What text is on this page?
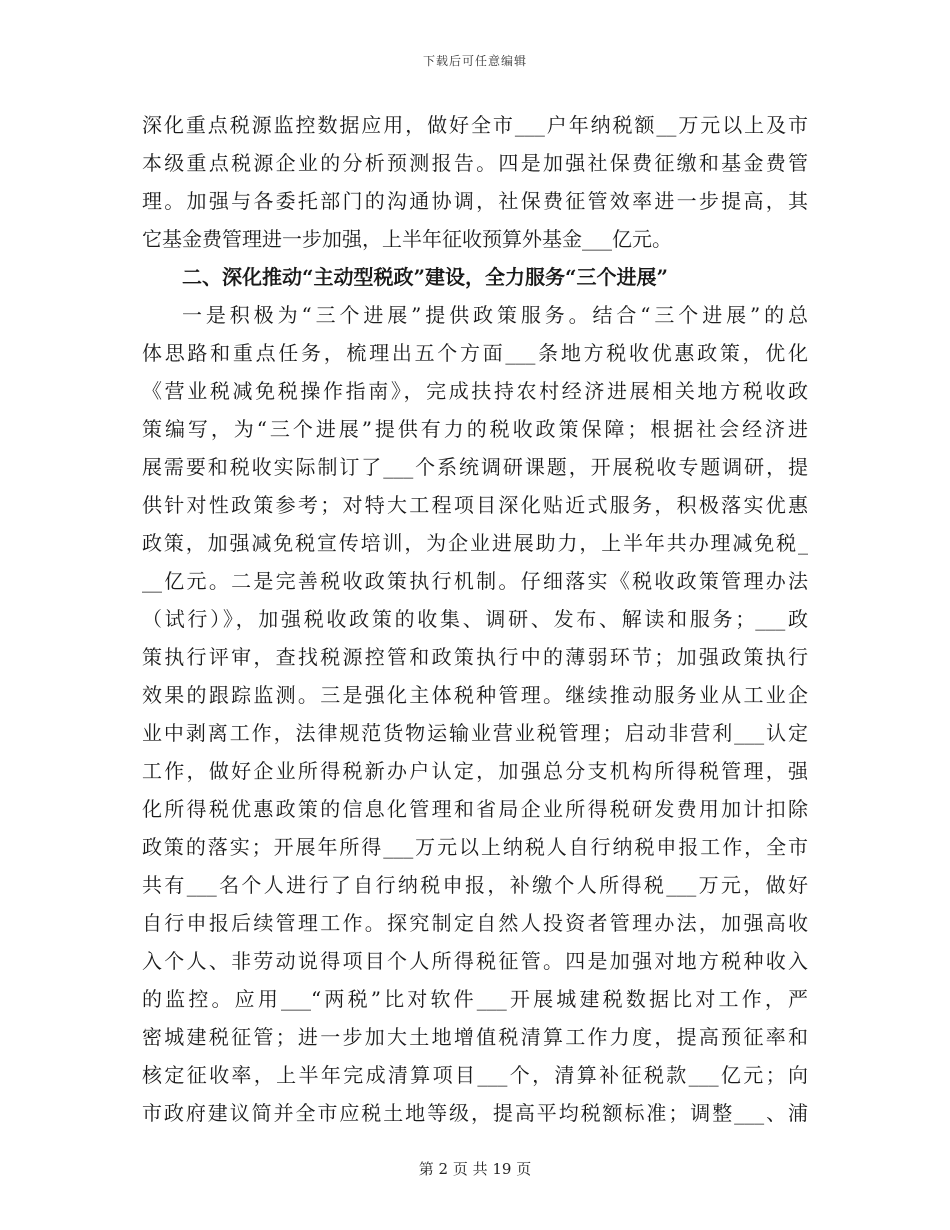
下载后可任意编辑
深化重点税源监控数据应用，做好全市___户年纳税额__万元以上及市
本级重点税源企业的分析预测报告。四是加强社保费征缴和基金费管
理。加强与各委托部门的沟通协调，社保费征管效率进一步提高，其
它基金费管理进一步加强，上半年征收预算外基金___亿元。
二、深化推动“主动型税政”建设，全力服务“三个进展”
一是积极为“三个进展”提供政策服务。结合“三个进展”的总
体思路和重点任务，梳理出五个方面___条地方税收优惠政策，优化
《营业税减免税操作指南》，完成扶持农村经济进展相关地方税收政
策编写，为“三个进展”提供有力的税收政策保障；根据社会经济进
展需要和税收实际制订了___个系统调研课题，开展税收专题调研，提
供针对性政策参考；对特大工程项目深化贴近式服务，积极落实优惠
政策，加强减免税宣传培训，为企业进展助力，上半年共办理减免税_
__亿元。二是完善税收政策执行机制。仔细落实《税收政策管理办法
（试行）》，加强税收政策的收集、调研、发布、解读和服务；___政
策执行评审，查找税源控管和政策执行中的薄弱环节；加强政策执行
效果的跟踪监测。三是强化主体税种管理。继续推动服务业从工业企
业中剥离工作，法律规范货物运输业营业税管理；启动非营利___认定
工作，做好企业所得税新办户认定，加强总分支机构所得税管理，强
化所得税优惠政策的信息化管理和省局企业所得税研发费用加计扣除
政策的落实；开展年所得___万元以上纳税人自行纳税申报工作，全市
共有___名个人进行了自行纳税申报，补缴个人所得税___万元，做好
自行申报后续管理工作。探究制定自然人投资者管理办法，加强高收
入个人、非劳动说得项目个人所得税征管。四是加强对地方税种收入
的监控。应用___“两税”比对软件___开展城建税数据比对工作，严
密城建税征管；进一步加大土地增值税清算工作力度，提高预征率和
核定征收率，上半年完成清算项目___个，清算补征税款___亿元；向
市政府建议简并全市应税土地等级，提高平均税额标准；调整___、浦
第 2 页 共 19 页
